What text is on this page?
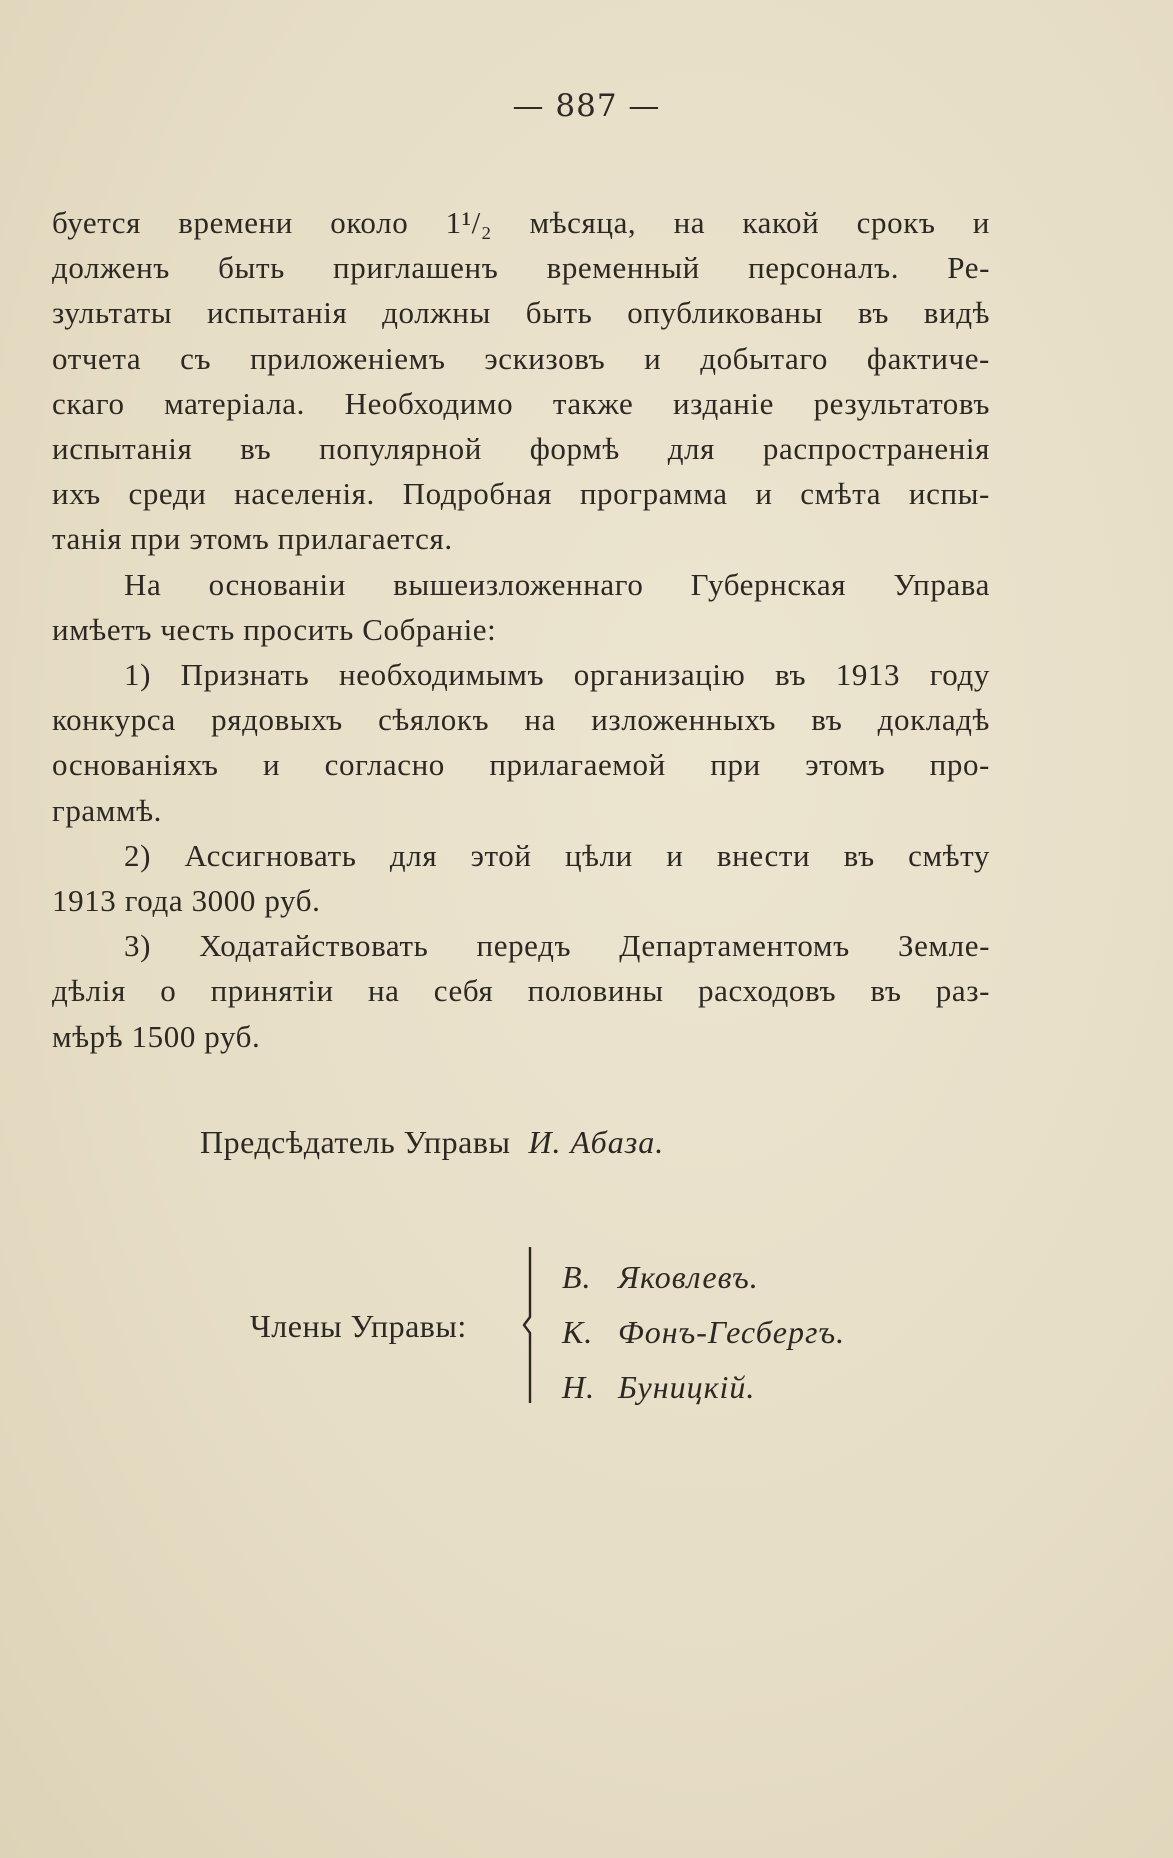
— 887 —

буется времени около 1¹/₂ мѣсяца, на какой срокъ и
долженъ быть приглашенъ временный персоналъ. Ре-
зультаты испытанія должны быть опубликованы въ видѣ
отчета съ приложеніемъ эскизовъ и добытаго фактиче-
скаго матеріала. Необходимо также изданіе результатовъ
испытанія въ популярной формѣ для распространенія
ихъ среди населенія. Подробная программа и смѣта испы-
танія при этомъ прилагается.

На основаніи вышеизложеннаго Губернская Управа
имѣетъ честь просить Собраніе:

1) Признать необходимымъ организацію въ 1913 году
конкурса рядовыхъ сѣялокъ на изложенныхъ въ докладѣ
основаніяхъ и согласно прилагаемой при этомъ про-
граммѣ.

2) Ассигновать для этой цѣли и внести въ смѣту
1913 года 3000 руб.

3) Ходатайствовать передъ Департаментомъ Земле-
дѣлія о принятіи на себя половины расходовъ въ раз-
мѣрѣ 1500 руб.

Предсѣдатель Управы И. Абаза.
Члены Управы:
В. Яковлевъ.
К. Фонъ-Гесбергъ.
Н. Буницкій.
